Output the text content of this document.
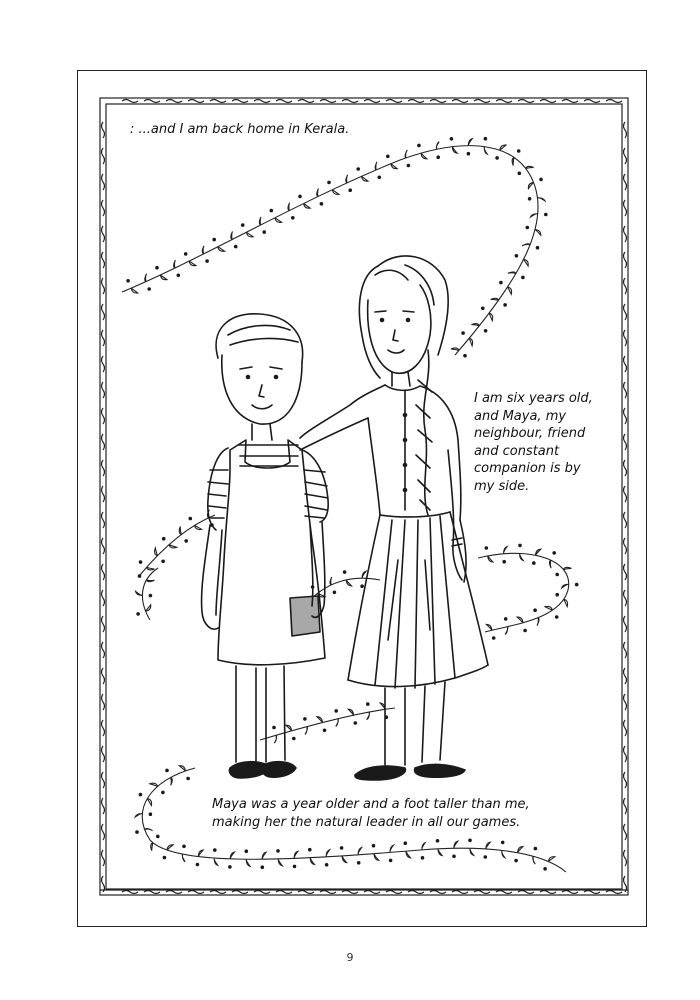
: ...and I am back home in Kerala.

I am six years old, and Maya, my neighbour, friend and constant companion is by my side.

Maya was a year older and a foot taller than me, making her the natural leader in all our games.

9
